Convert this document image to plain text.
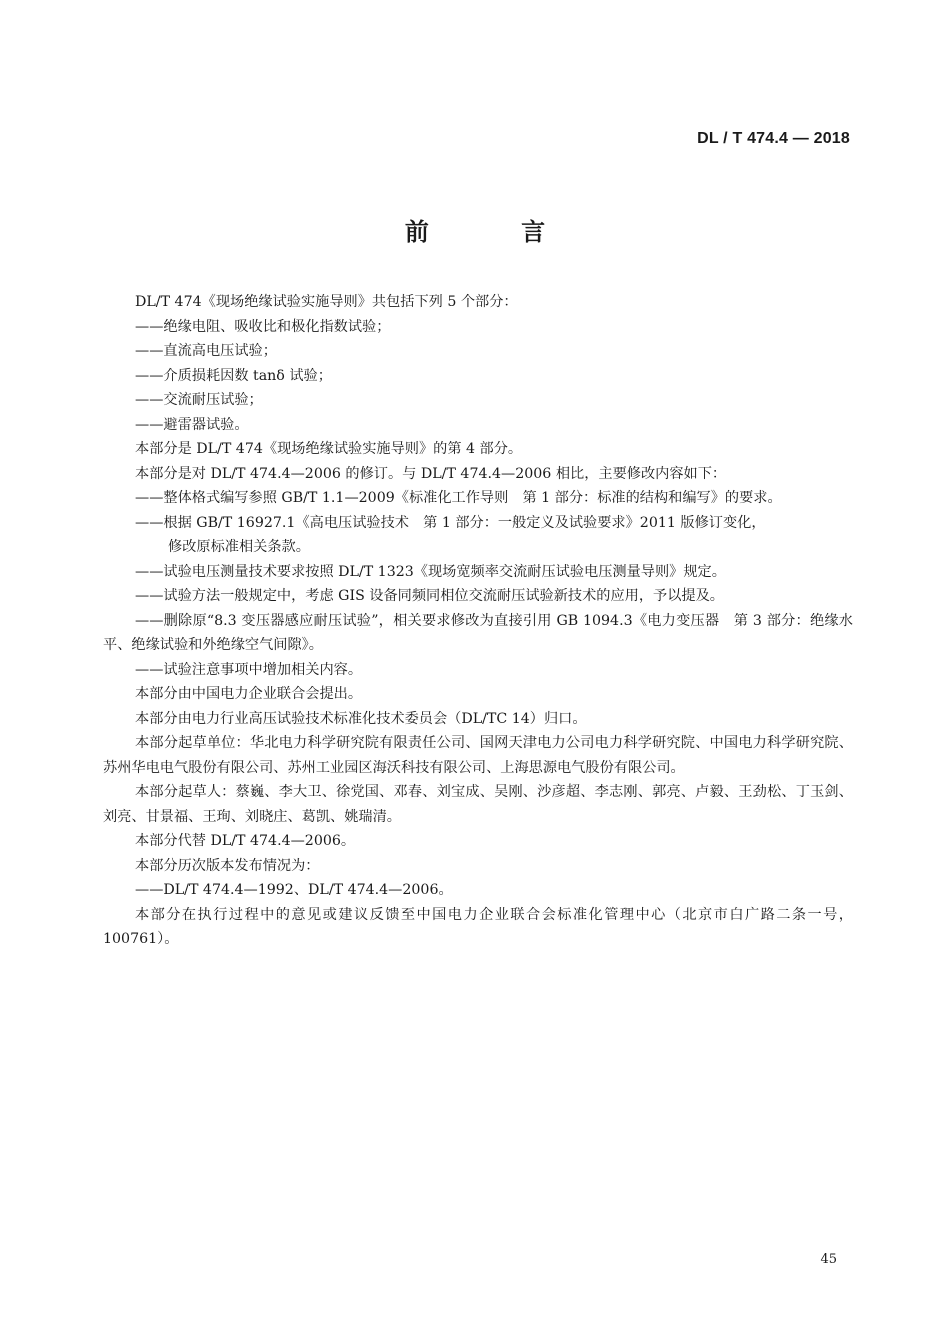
DL / T 474.4 — 2018
前 言

DL/T 474《现场绝缘试验实施导则》共包括下列 5 个部分：

——绝缘电阻、吸收比和极化指数试验；

——直流高电压试验；

——介质损耗因数 tanδ 试验；

——交流耐压试验；

——避雷器试验。

本部分是 DL/T 474《现场绝缘试验实施导则》的第 4 部分。

本部分是对 DL/T 474.4—2006 的修订。与 DL/T 474.4—2006 相比，主要修改内容如下：

——整体格式编写参照 GB/T 1.1—2009《标准化工作导则　第 1 部分：标准的结构和编写》的要求。

——根据 GB/T 16927.1《高电压试验技术　第 1 部分：一般定义及试验要求》2011 版修订变化，

修改原标准相关条款。

——试验电压测量技术要求按照 DL/T 1323《现场宽频率交流耐压试验电压测量导则》规定。

——试验方法一般规定中，考虑 GIS 设备同频同相位交流耐压试验新技术的应用，予以提及。

——删除原“8.3 变压器感应耐压试验”，相关要求修改为直接引用 GB 1094.3《电力变压器　第 3 部分：绝缘水平、绝缘试验和外绝缘空气间隙》。

——试验注意事项中增加相关内容。

本部分由中国电力企业联合会提出。

本部分由电力行业高压试验技术标准化技术委员会（DL/TC 14）归口。

本部分起草单位：华北电力科学研究院有限责任公司、国网天津电力公司电力科学研究院、中国电力科学研究院、苏州华电电气股份有限公司、苏州工业园区海沃科技有限公司、上海思源电气股份有限公司。

本部分起草人：蔡巍、李大卫、徐党国、邓春、刘宝成、吴刚、沙彦超、李志刚、郭亮、卢毅、王劲松、丁玉剑、刘亮、甘景福、王珣、刘晓庄、葛凯、姚瑞清。

本部分代替 DL/T 474.4—2006。

本部分历次版本发布情况为：

——DL/T 474.4—1992、DL/T 474.4—2006。

本部分在执行过程中的意见或建议反馈至中国电力企业联合会标准化管理中心（北京市白广路二条一号，100761）。

45
